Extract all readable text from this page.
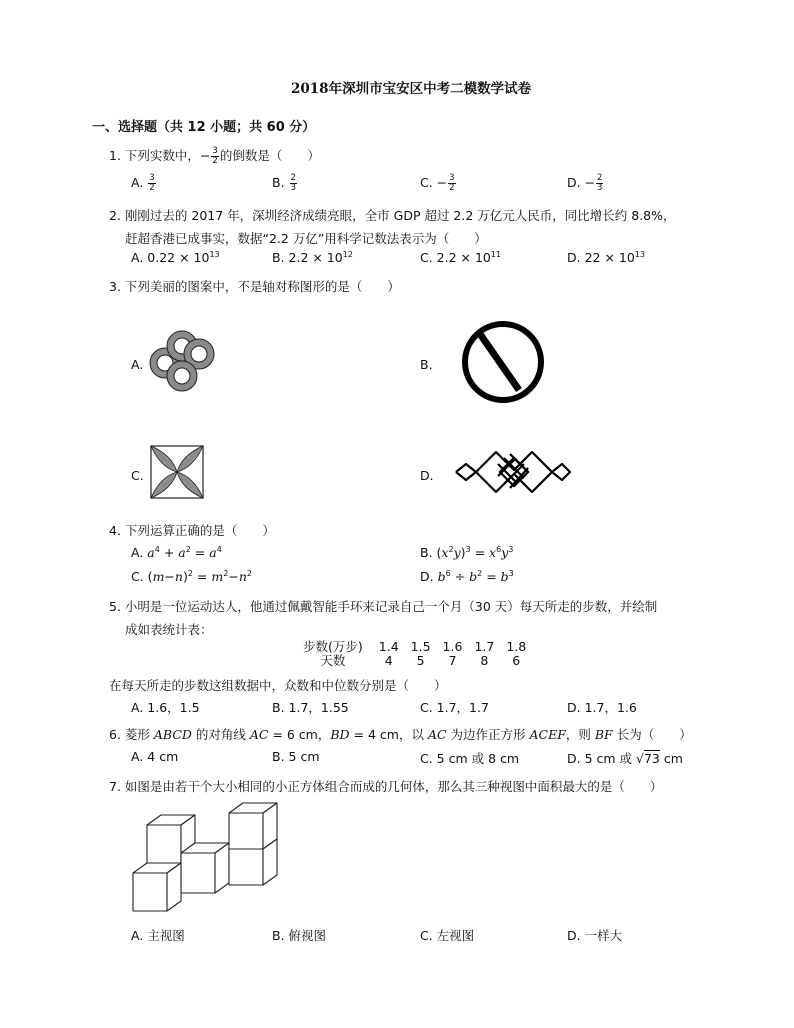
2018年深圳市宝安区中考二模数学试卷
一、选择题（共 12 小题；共 60 分）
1. 下列实数中，− $\frac{3}{2}$ 的倒数是（　　）
A. $\frac{3}{2}$	B. $\frac{2}{3}$	C. − $\frac{3}{2}$	D. − $\frac{2}{3}$
2. 刚刚过去的 2017 年，深圳经济成绩亮眼，全市 GDP 超过 2.2 万亿元人民币，同比增长约 8.8%，
赶超香港已成事实，数据“2.2 万亿”用科学记数法表示为（　　）
A. $0.22 \times 10^{13}$	B. $2.2 \times 10^{12}$	C. $2.2 \times 10^{11}$	D. $22 \times 10^{13}$
3. 下列美丽的图案中，不是轴对称图形的是（　　）
A.	B.
C.	D.
4. 下列运算正确的是（　　）
A. $a^4 + a^2 = a^4$	B. $(x^2y)^3 = x^6y^3$
C. $(m-n)^2 = m^2-n^2$	D. $b^6 \div b^2 = b^3$
5. 小明是一位运动达人，他通过佩戴智能手环来记录自己一个月（30 天）每天所走的步数，并绘制
成如表统计表：
步数(万步)	1.4	1.5	1.6	1.7	1.8
天数	4	5	7	8	6
在每天所走的步数这组数据中，众数和中位数分别是（　　）
A. 1.6，1.5	B. 1.7，1.55	C. 1.7，1.7	D. 1.7，1.6
6. 菱形 ABCD 的对角线 AC = 6 cm，BD = 4 cm，以 AC 为边作正方形 ACEF，则 BF 长为（　　）
A. 4 cm	B. 5 cm	C. 5 cm 或 8 cm	D. 5 cm 或 √73 cm
7. 如图是由若干个大小相同的小正方体组合而成的几何体，那么其三种视图中面积最大的是（　　）
A. 主视图	B. 俯视图	C. 左视图	D. 一样大
